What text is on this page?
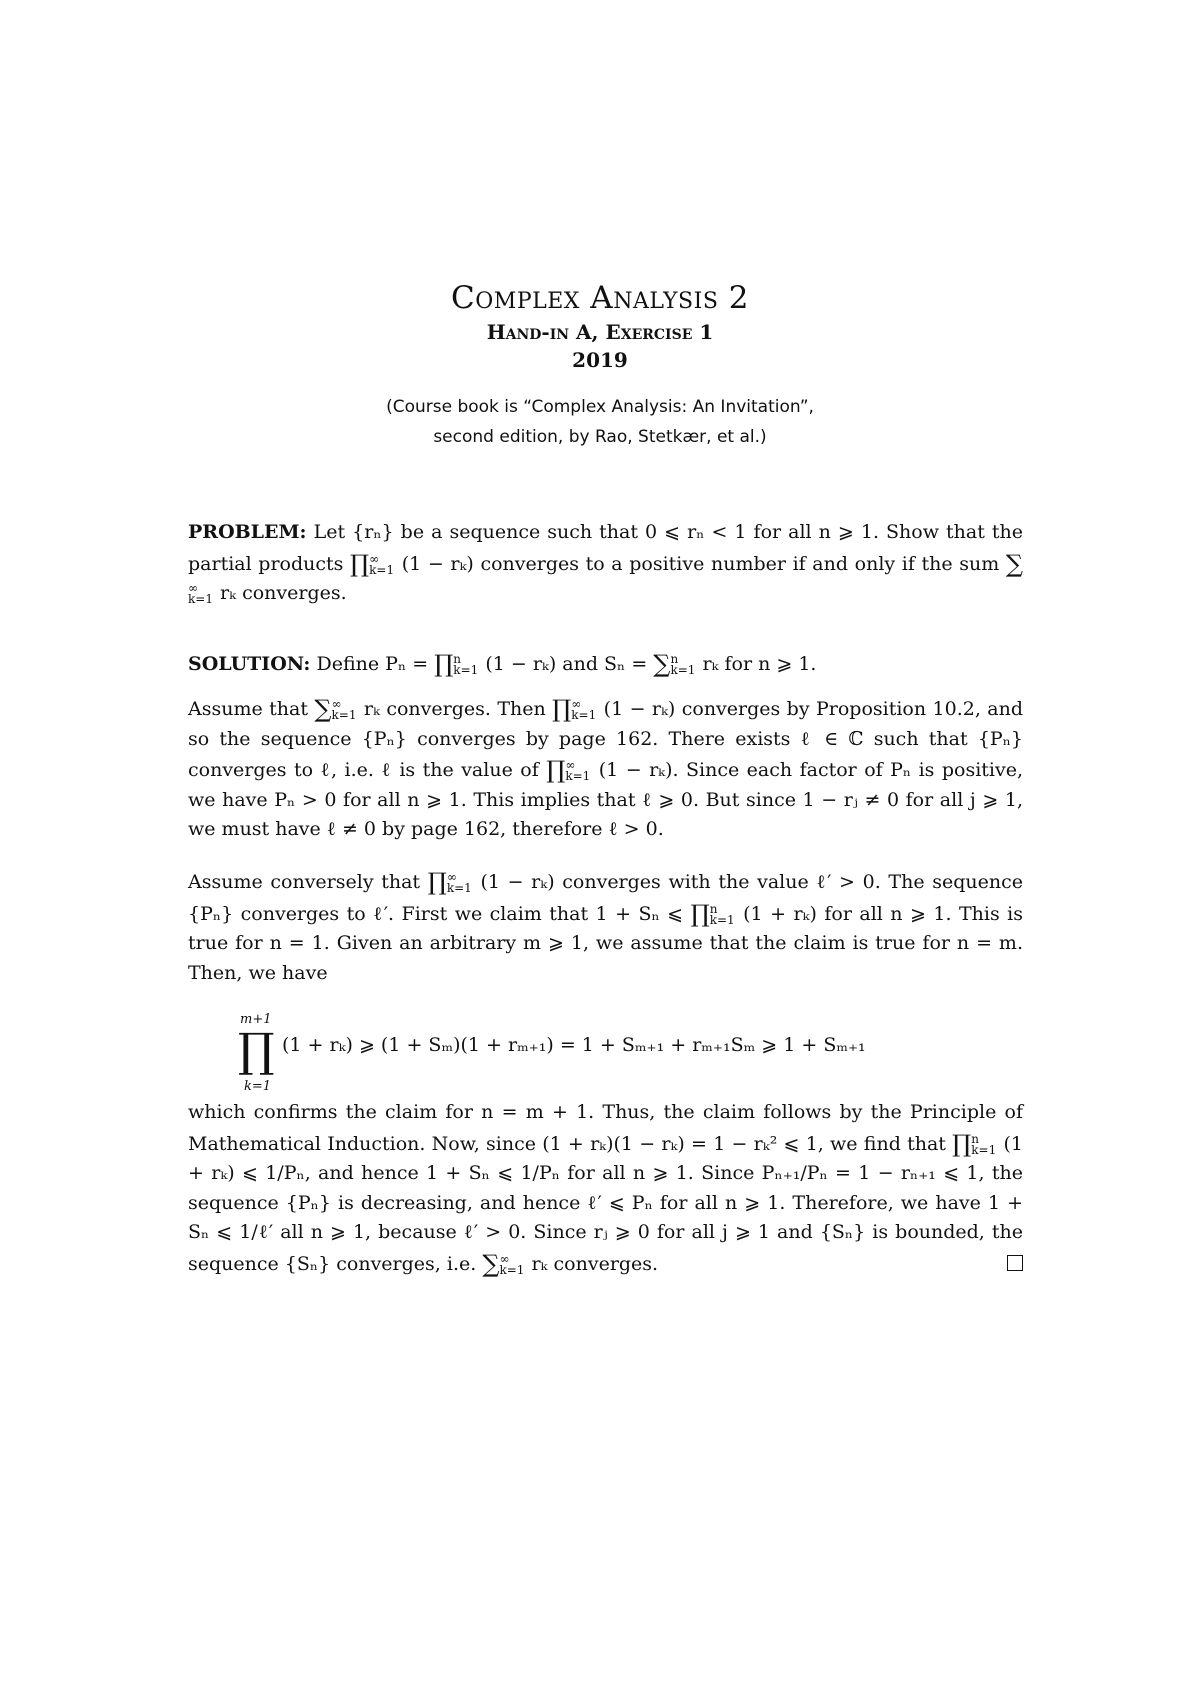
Complex Analysis 2
Hand-in A, Exercise 1
2019
(Course book is “Complex Analysis: An Invitation”,
second edition, by Rao, Stetkær, et al.)
PROBLEM: Let {rₙ} be a sequence such that 0 ⩽ rₙ < 1 for all n ⩾ 1. Show that the partial products ∏ ∞
k=1 (1 − rₖ) converges to a positive number if and only if the sum ∑
∞
k=1 rₖ converges.
SOLUTION: Define Pₙ = ∏ n
k=1 (1 − rₖ) and Sₙ = ∑ n
k=1 rₖ for n ⩾ 1.
Assume that ∑ ∞
k=1 rₖ converges. Then ∏ ∞
k=1 (1 − rₖ) converges by Proposition 10.2, and so the sequence {Pₙ} converges by page 162. There exists ℓ ∈ ℂ such that {Pₙ} converges to ℓ, i.e. ℓ is the value of ∏ ∞
k=1 (1 − rₖ). Since each factor of Pₙ is positive, we have Pₙ > 0 for all n ⩾ 1. This implies that ℓ ⩾ 0. But since 1 − rⱼ ≠ 0 for all j ⩾ 1, we must have ℓ ≠ 0 by page 162, therefore ℓ > 0.
Assume conversely that ∏ ∞
k=1 (1 − rₖ) converges with the value ℓ′ > 0. The sequence {Pₙ} converges to ℓ′. First we claim that 1 + Sₙ ⩽ ∏ n
k=1 (1 + rₖ) for all n ⩾ 1. This is true for n = 1. Given an arbitrary m ⩾ 1, we assume that the claim is true for n = m. Then, we have
m+1
∏
k=1
(1 + rₖ) ⩾ (1 + Sₘ)(1 + rₘ₊₁) = 1 + Sₘ₊₁ + rₘ₊₁Sₘ ⩾ 1 + Sₘ₊₁
which confirms the claim for n = m + 1. Thus, the claim follows by the Principle of Mathematical Induction. Now, since (1 + rₖ)(1 − rₖ) = 1 − rₖ² ⩽ 1, we find that ∏ n
k=1 (1 + rₖ) ⩽ 1/Pₙ, and hence 1 + Sₙ ⩽ 1/Pₙ for all n ⩾ 1. Since Pₙ₊₁/Pₙ = 1 − rₙ₊₁ ⩽ 1, the sequence {Pₙ} is decreasing, and hence ℓ′ ⩽ Pₙ for all n ⩾ 1. Therefore, we have 1 + Sₙ ⩽ 1/ℓ′ all n ⩾ 1, because ℓ′ > 0. Since rⱼ ⩾ 0 for all j ⩾ 1 and {Sₙ} is bounded, the sequence {Sₙ} converges, i.e. ∑ ∞
k=1 rₖ converges.
